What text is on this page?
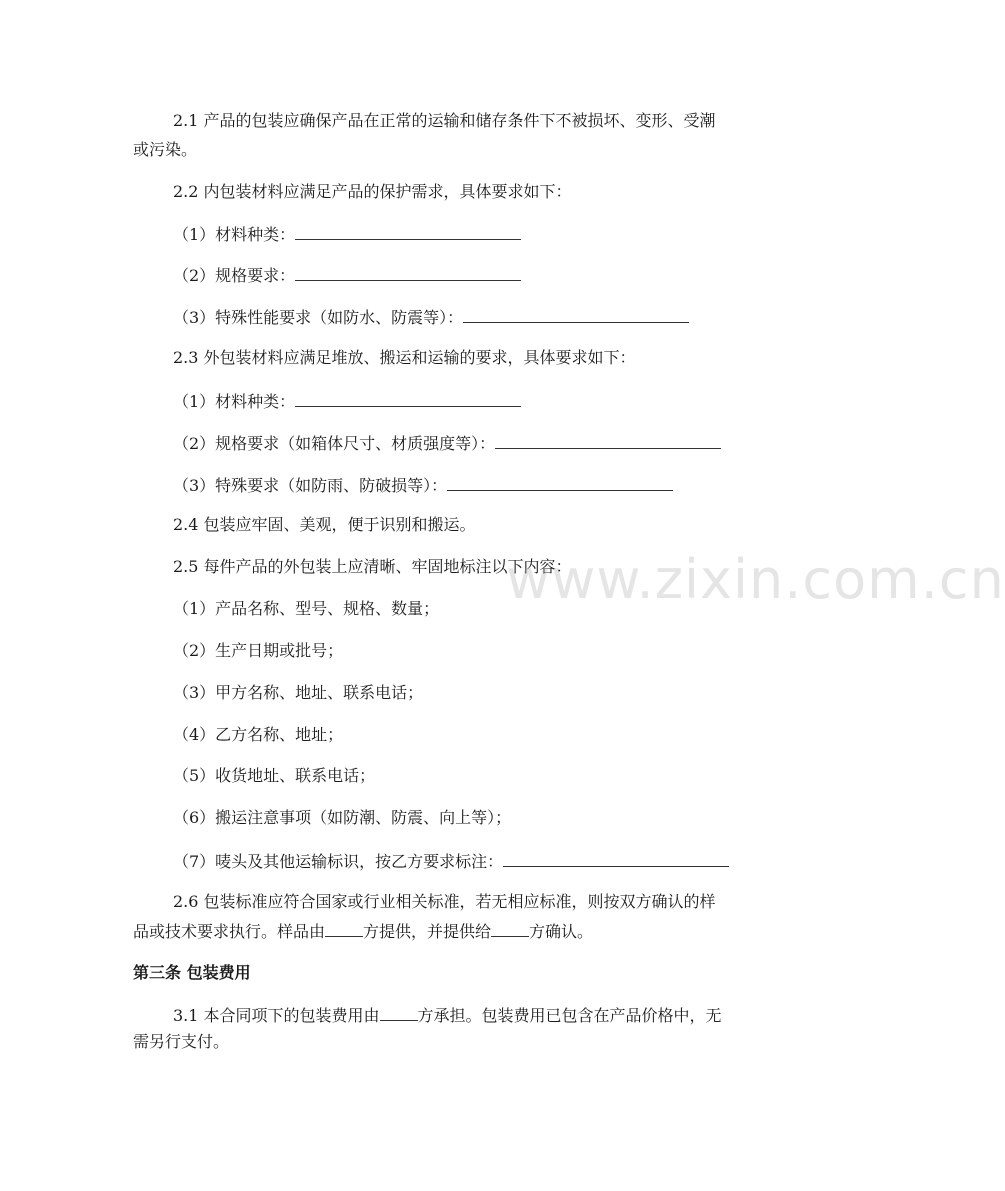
2.1 产品的包装应确保产品在正常的运输和储存条件下不被损坏、变形、受潮
或污染。
2.2 内包装材料应满足产品的保护需求，具体要求如下：
（1）材料种类：
（2）规格要求：
（3）特殊性能要求（如防水、防震等）：
2.3 外包装材料应满足堆放、搬运和运输的要求，具体要求如下：
（1）材料种类：
（2）规格要求（如箱体尺寸、材质强度等）：
（3）特殊要求（如防雨、防破损等）：
2.4 包装应牢固、美观，便于识别和搬运。
2.5 每件产品的外包装上应清晰、牢固地标注以下内容：
（1）产品名称、型号、规格、数量；
（2）生产日期或批号；
（3）甲方名称、地址、联系电话；
（4）乙方名称、地址；
（5）收货地址、联系电话；
（6）搬运注意事项（如防潮、防震、向上等）；
（7）唛头及其他运输标识，按乙方要求标注：
2.6 包装标准应符合国家或行业相关标准，若无相应标准，则按双方确认的样
品或技术要求执行。样品由 方提供，并提供给 方确认。
第三条 包装费用
3.1 本合同项下的包装费用由 方承担。包装费用已包含在产品价格中，无
需另行支付。
www.zixin.com.cn
